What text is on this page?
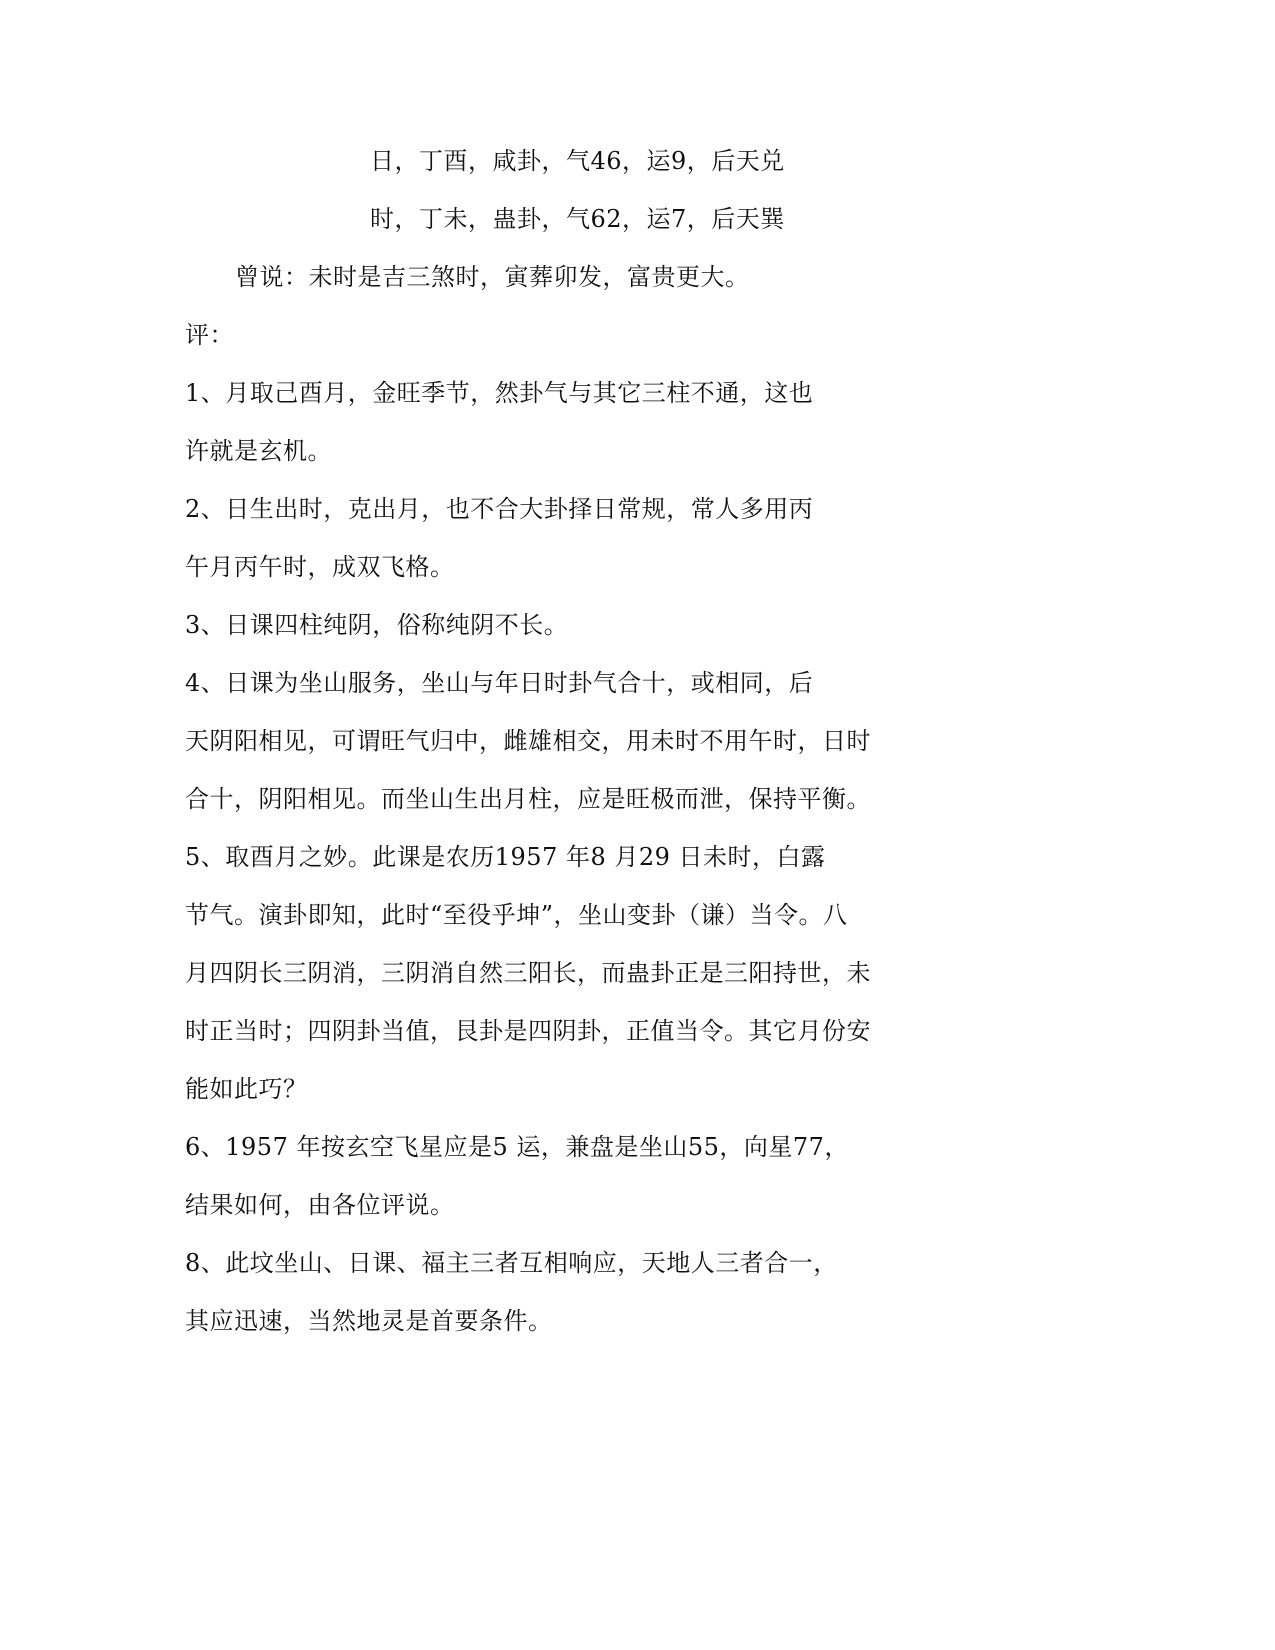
日，丁酉，咸卦，气46，运9，后天兑
时，丁未，蛊卦，气62，运7，后天巽
曾说：未时是吉三煞时，寅葬卯发，富贵更大。
评：
1、月取己酉月，金旺季节，然卦气与其它三柱不通，这也
许就是玄机。
2、日生出时，克出月，也不合大卦择日常规，常人多用丙
午月丙午时，成双飞格。
3、日课四柱纯阴，俗称纯阴不长。
4、日课为坐山服务，坐山与年日时卦气合十，或相同，后
天阴阳相见，可谓旺气归中，雌雄相交，用未时不用午时，日时
合十，阴阳相见。而坐山生出月柱，应是旺极而泄，保持平衡。
5、取酉月之妙。此课是农历1957 年8 月29 日未时，白露
节气。演卦即知，此时“至役乎坤”，坐山变卦（谦）当令。八
月四阴长三阴消，三阴消自然三阳长，而蛊卦正是三阳持世，未
时正当时；四阴卦当值，艮卦是四阴卦，正值当令。其它月份安
能如此巧？
6、1957 年按玄空飞星应是5 运，兼盘是坐山55，向星77，
结果如何，由各位评说。
8、此坟坐山、日课、福主三者互相响应，天地人三者合一，
其应迅速，当然地灵是首要条件。
